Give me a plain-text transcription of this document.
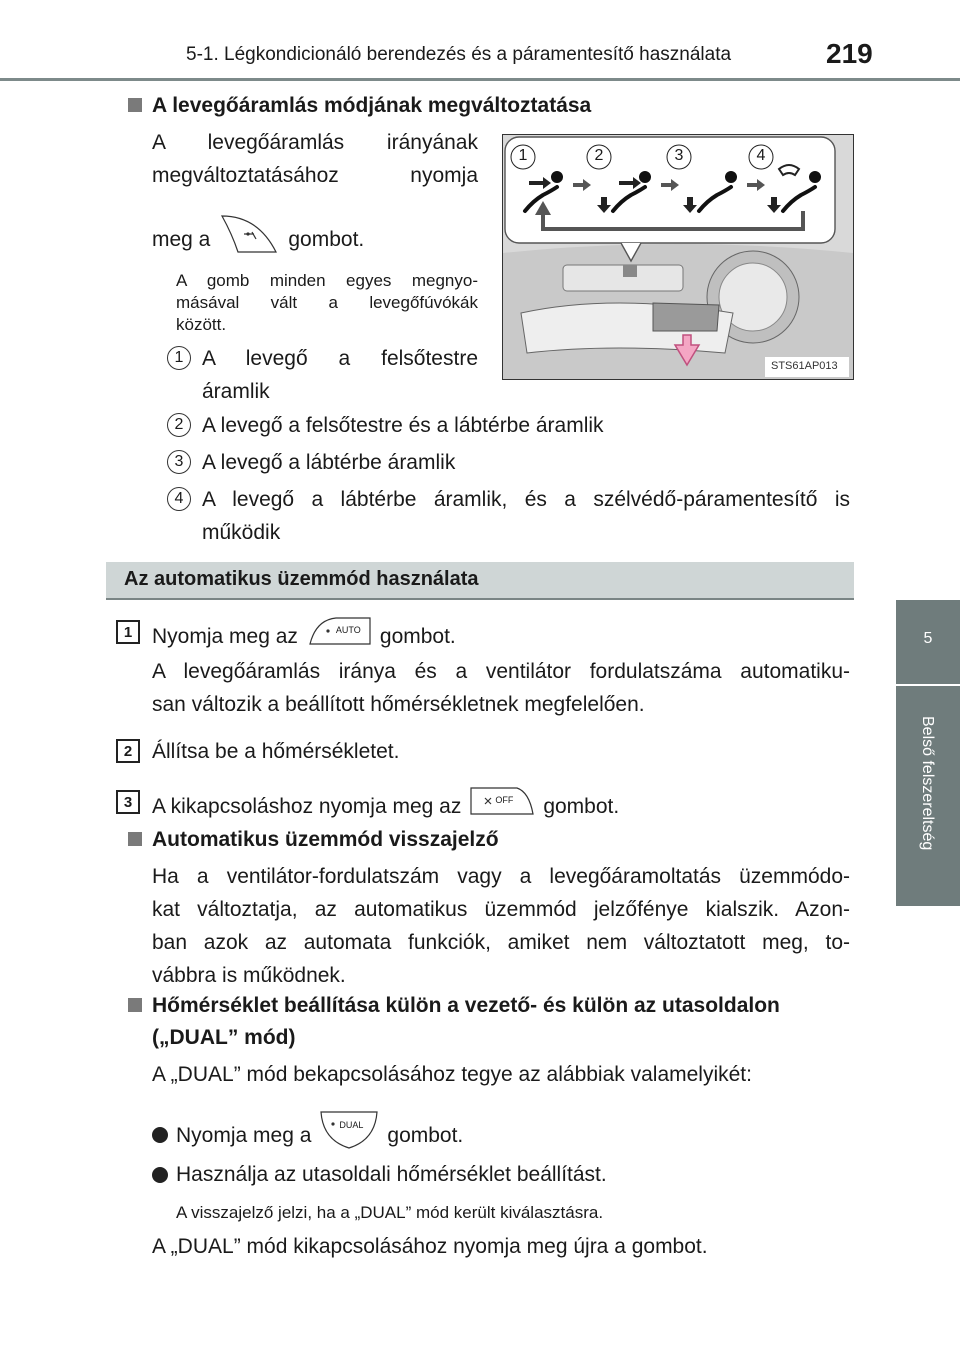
5-1. Légkondicionáló berendezés és a páramentesítő használata	219
5
Belső felszereltség
A levegőáramlás módjának megváltoztatása
A levegőáramlás irányának
megváltoztatásához nyomja
meg a	gombot.
A gomb minden egyes megnyo-
másával vált a levegőfúvókák
között.
1 A levegő a felsőtestre
áramlik
2 A levegő a felsőtestre és a lábtérbe áramlik
3 A levegő a lábtérbe áramlik
4 A levegő a lábtérbe áramlik, és a szélvédő-páramentesítő is
működik
1	2	3	4
STS61AP013
Az automatikus üzemmód használata
1 Nyomja meg az	AUTO gombot.
A levegőáramlás iránya és a ventilátor fordulatszáma automatiku-
san változik a beállított hőmérsékletnek megfelelően.
2 Állítsa be a hőmérsékletet.
3 A kikapcsoláshoz nyomja meg az	OFF gombot.
Automatikus üzemmód visszajelző
Ha a ventilátor-fordulatszám vagy a levegőáramoltatás üzemmódo-
kat változtatja, az automatikus üzemmód jelzőfénye kialszik. Azon-
ban azok az automata funkciók, amiket nem változtatott meg, to-
vábbra is működnek.
Hőmérséklet beállítása külön a vezető- és külön az utasoldalon
(„DUAL” mód)
A „DUAL” mód bekapcsolásához tegye az alábbiak valamelyikét:
Nyomja meg a	DUAL gombot.
Használja az utasoldali hőmérséklet beállítást.
A visszajelző jelzi, ha a „DUAL” mód került kiválasztásra.
A „DUAL” mód kikapcsolásához nyomja meg újra a gombot.
